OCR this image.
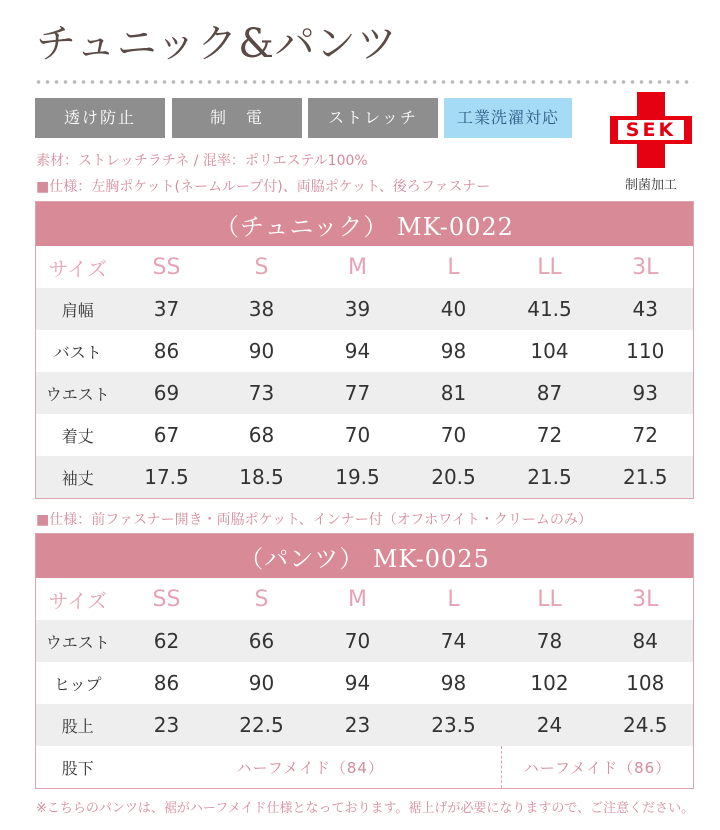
チュニック&パンツ
透け防止	制　電	ストレッチ	工業洗濯対応
SEK
制菌加工
素材：ストレッチラチネ / 混率：ポリエステル100%
■仕様：左胸ポケット(ネームループ付)、両脇ポケット、後ろファスナー
（チュニック） MK-0022						
サイズ	SS	S	M	L	LL	3L
肩幅	37	38	39	40	41.5	43
バスト	86	90	94	98	104	110
ウエスト	69	73	77	81	87	93
着丈	67	68	70	70	72	72
袖丈	17.5	18.5	19.5	20.5	21.5	21.5
■仕様：前ファスナー開き・両脇ポケット、インナー付（オフホワイト・クリームのみ）
（パンツ） MK-0025						
サイズ	SS	S	M	L	LL	3L
ウエスト	62	66	70	74	78	84
ヒップ	86	90	94	98	102	108
股上	23	22.5	23	23.5	24	24.5
股下	ハーフメイド（84）				ハーフメイド（86）	
※こちらのパンツは、裾がハーフメイド仕様となっております。裾上げが必要になりますので、ご注意ください。
